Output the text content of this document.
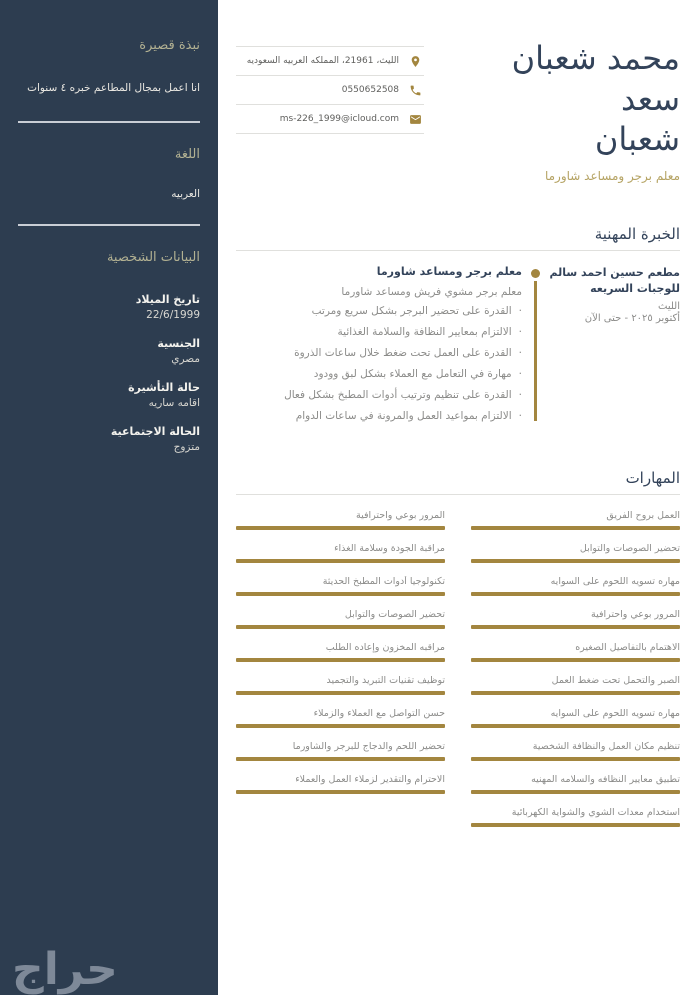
محمد شعبان
سعد
شعبان
معلم برجر ومساعد شاورما
الليث، 21961، المملكه العربيه السعوديه
0550652508
ms-226_1999@icloud.com
الخبرة المهنية
مطعم حسين احمد سالم للوجبات السريعه
الليث
أكتوبر ٢٠٢٥ - حتى الآن
معلم برجر ومساعد شاورما
معلم برجر مشوي فريش ومساعد شاورما
· القدرة على تحضير البرجر بشكل سريع ومرتب
· الالتزام بمعايير النظافة والسلامة الغذائية
· القدرة على العمل تحت ضغط خلال ساعات الذروة
· مهارة في التعامل مع العملاء بشكل لبق وودود
· القدرة على تنظيم وترتيب أدوات المطبخ بشكل فعال
· الالتزام بمواعيد العمل والمرونة في ساعات الدوام
المهارات
العمل بروح الفريق
المرور بوعي واحترافية
تحضير الصوصات والتوابل
مراقبة الجودة وسلامة الغذاء
مهاره تسويه اللحوم على السوايه
تكنولوجيا أدوات المطبخ الحديثة
المرور بوعي واحترافية
تحضير الصوصات والتوابل
الاهتمام بالتفاصيل الصغيره
مراقبه المخزون وإعاده الطلب
الصبر والتحمل تحت ضغط العمل
توظيف تقنيات التبريد والتجميد
مهاره تسويه اللحوم على السوايه
حسن التواصل مع العملاء والزملاء
تنظيم مكان العمل والنظافة الشخصية
تحضير اللحم والدجاج للبرجر والشاورما
تطبيق معايير النظافه والسلامه المهنيه
الاحترام والتقدير لزملاء العمل والعملاء
استخدام معدات الشوي والشواية الكهربائية
نبذة قصيرة

انا اعمل بمجال المطاعم خبره ٤ سنوات

اللغة

العربيه

البيانات الشخصية
تاريخ الميلاد
22/6/1999
الجنسية
مصري
حالة التأشيرة
اقامه ساريه
الحالة الاجتماعية
متزوج
حراج
